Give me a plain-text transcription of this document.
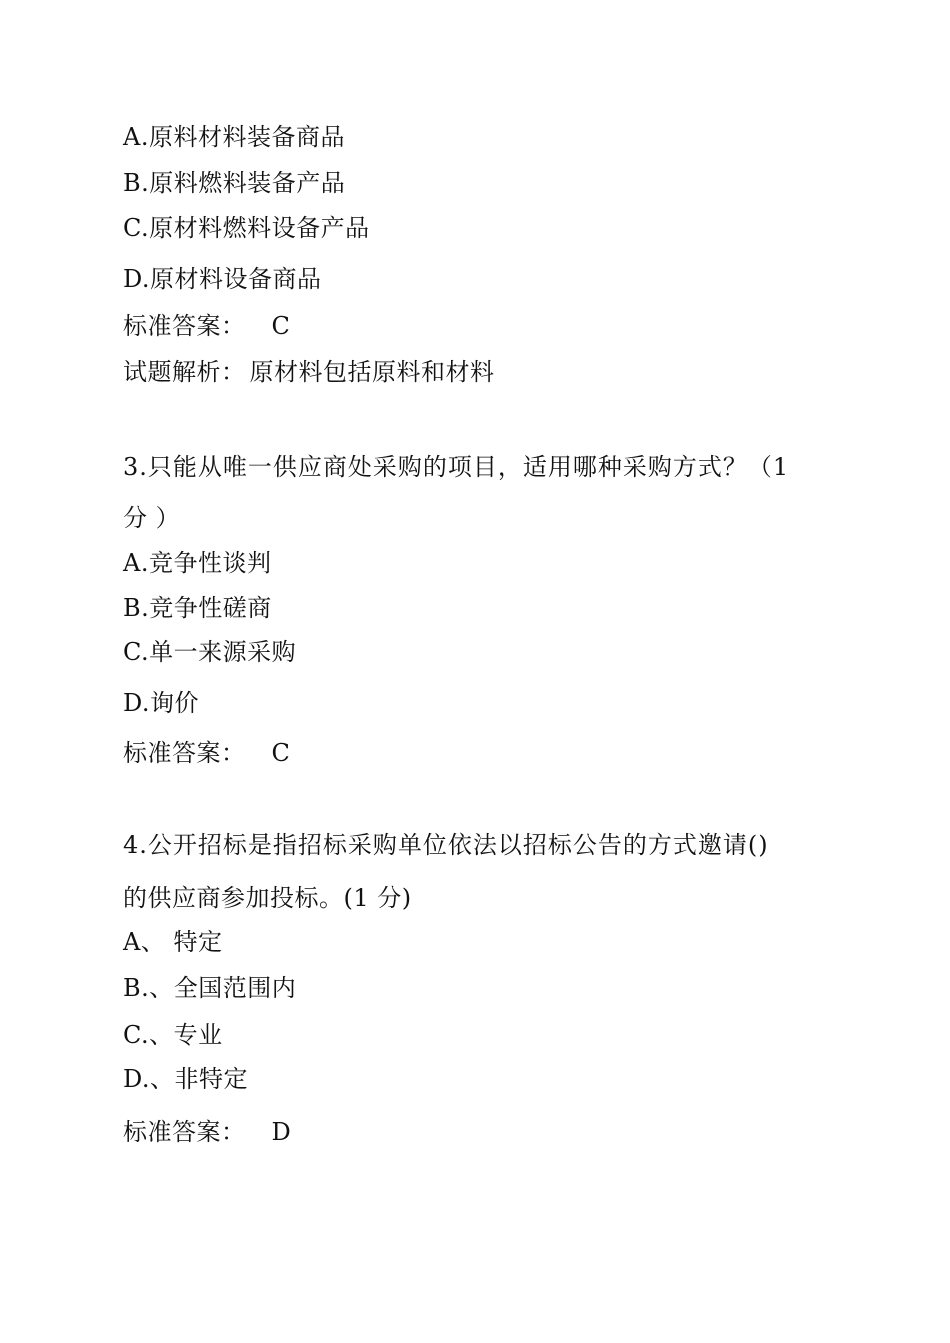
A.原料材料装备商品
B.原料燃料装备产品
C.原材料燃料设备产品
D.原材料设备商品
标准答案： C
试题解析： 原材料包括原料和材料
3.只能从唯一供应商处采购的项目，适用哪种采购方式？（1
分 ）
A.竞争性谈判
B.竞争性磋商
C.单一来源采购
D.询价
标准答案： C
4.公开招标是指招标采购单位依法以招标公告的方式邀请()
的供应商参加投标。(1 分)
A、 特定
B.、全国范围内
C.、专业
D.、非特定
标准答案： D
